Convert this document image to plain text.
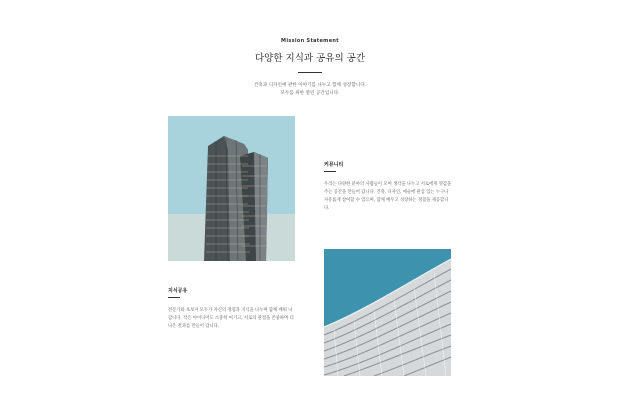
Mission Statement
다양한 지식과 공유의 공간
건축과 디자인에 관한 이야기를 나누고 함께 성장합니다.
모두를 위한 열린 공간입니다.
커뮤니티

우리는 다양한 분야의 사람들이 모여 생각을 나누고 서로에게 영감을 주는 공간을 만들어 갑니다. 건축, 디자인, 예술에 관심 있는 누구나 자유롭게 참여할 수 있으며, 함께 배우고 성장하는 경험을 제공합니다.

지식공유

전문가와 초보자 모두가 자신의 경험과 지식을 나누며 함께 배워 나갑니다. 작은 아이디어도 소중히 여기고, 서로의 관점을 존중하며 더 나은 결과를 만들어 갑니다.
